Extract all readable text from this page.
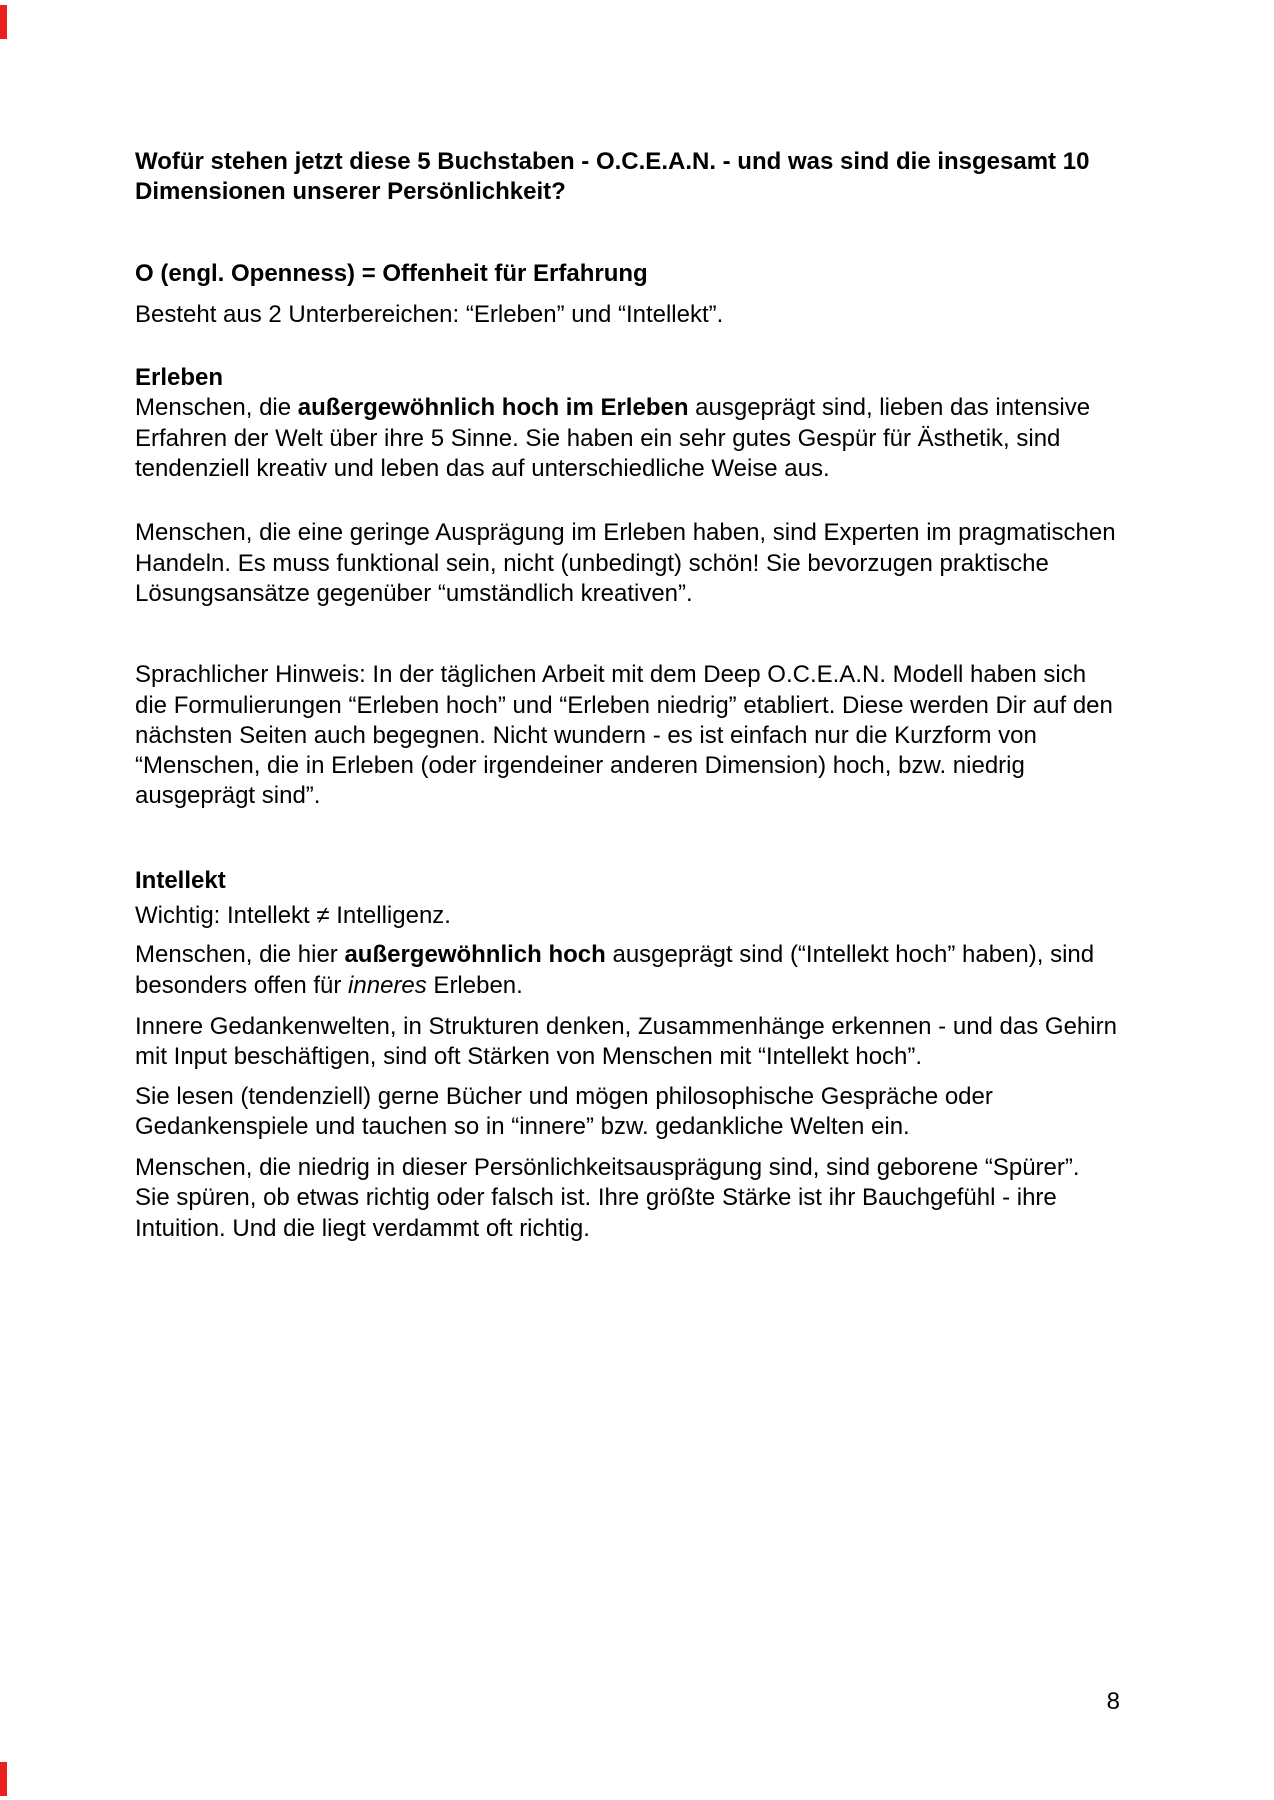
Wofür stehen jetzt diese 5 Buchstaben - O.C.E.A.N. - und was sind die insgesamt 10
Dimensionen unserer Persönlichkeit?
O (engl. Openness) = Offenheit für Erfahrung
Besteht aus 2 Unterbereichen: “Erleben” und “Intellekt”.
Erleben
Menschen, die außergewöhnlich hoch im Erleben ausgeprägt sind, lieben das intensive
Erfahren der Welt über ihre 5 Sinne. Sie haben ein sehr gutes Gespür für Ästhetik, sind
tendenziell kreativ und leben das auf unterschiedliche Weise aus.
Menschen, die eine geringe Ausprägung im Erleben haben, sind Experten im pragmatischen
Handeln. Es muss funktional sein, nicht (unbedingt) schön! Sie bevorzugen praktische
Lösungsansätze gegenüber “umständlich kreativen”.
Sprachlicher Hinweis: In der täglichen Arbeit mit dem Deep O.C.E.A.N. Modell haben sich
die Formulierungen “Erleben hoch” und “Erleben niedrig” etabliert. Diese werden Dir auf den
nächsten Seiten auch begegnen. Nicht wundern - es ist einfach nur die Kurzform von
“Menschen, die in Erleben (oder irgendeiner anderen Dimension) hoch, bzw. niedrig
ausgeprägt sind”.
Intellekt
Wichtig: Intellekt ≠ Intelligenz.
Menschen, die hier außergewöhnlich hoch ausgeprägt sind (“Intellekt hoch” haben), sind
besonders offen für inneres Erleben.
Innere Gedankenwelten, in Strukturen denken, Zusammenhänge erkennen - und das Gehirn
mit Input beschäftigen, sind oft Stärken von Menschen mit “Intellekt hoch”.
Sie lesen (tendenziell) gerne Bücher und mögen philosophische Gespräche oder
Gedankenspiele und tauchen so in “innere” bzw. gedankliche Welten ein.
Menschen, die niedrig in dieser Persönlichkeitsausprägung sind, sind geborene “Spürer”.
Sie spüren, ob etwas richtig oder falsch ist. Ihre größte Stärke ist ihr Bauchgefühl - ihre
Intuition. Und die liegt verdammt oft richtig.
8
